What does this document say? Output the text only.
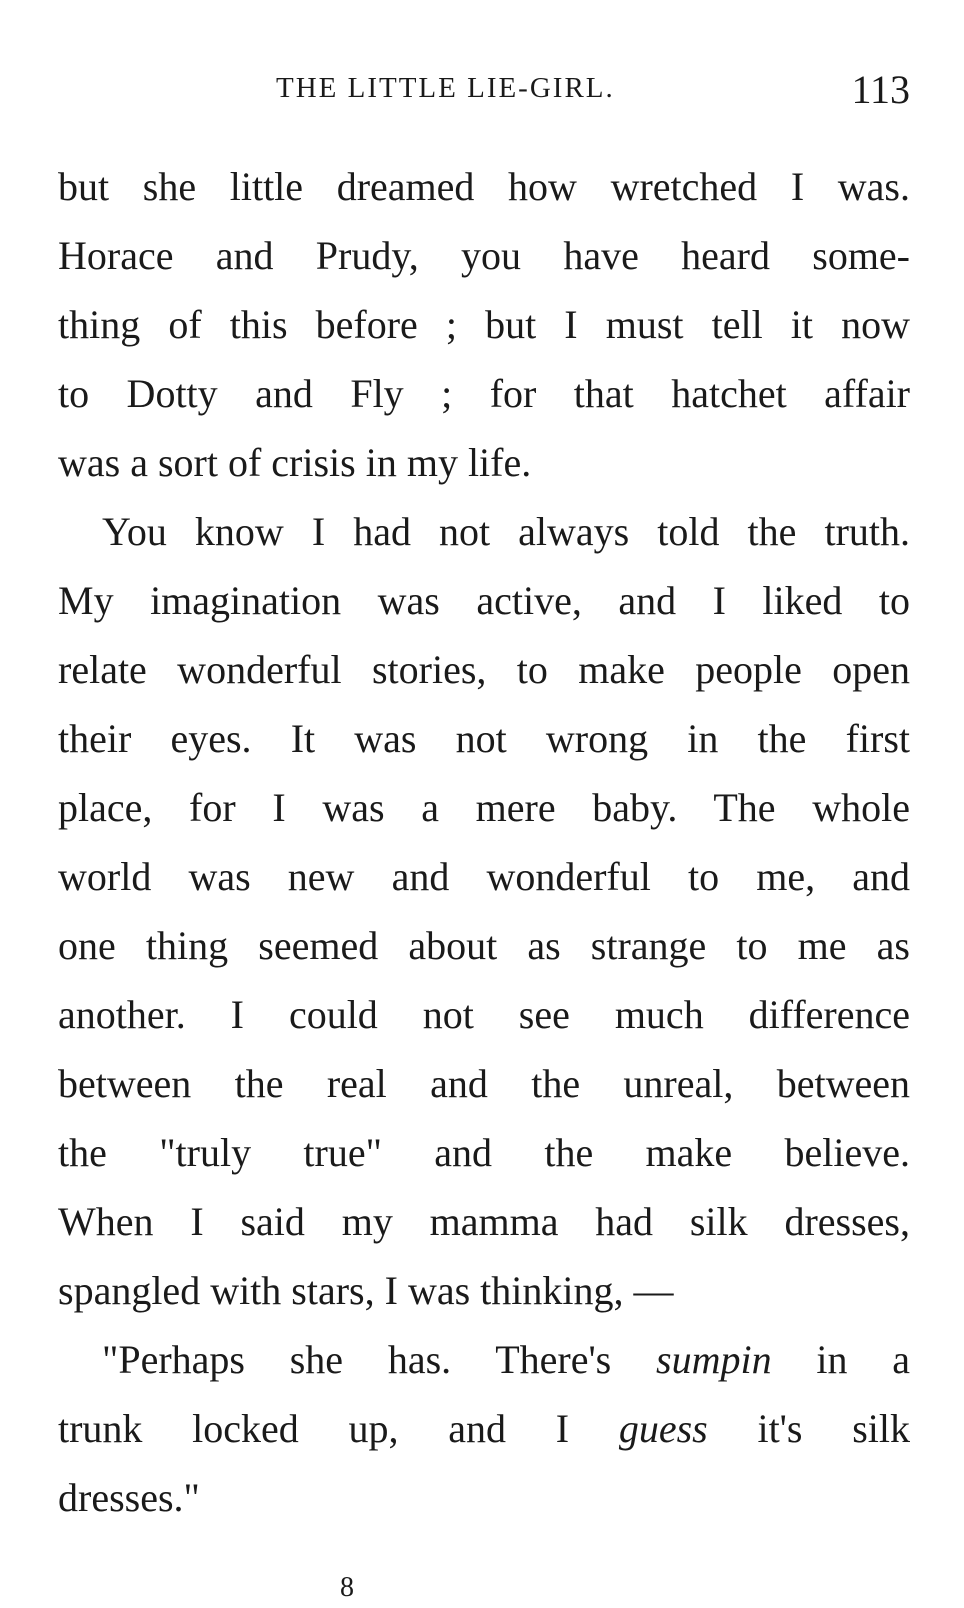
THE LITTLE LIE-GIRL.	113
but she little dreamed how wretched I was.
Horace and Prudy, you have heard some-
thing of this before ; but I must tell it now
to Dotty and Fly ; for that hatchet affair
was a sort of crisis in my life.
You know I had not always told the truth.
My imagination was active, and I liked to
relate wonderful stories, to make people open
their eyes. It was not wrong in the first
place, for I was a mere baby. The whole
world was new and wonderful to me, and
one thing seemed about as strange to me as
another. I could not see much difference
between the real and the unreal, between
the "truly true" and the make believe.
When I said my mamma had silk dresses,
spangled with stars, I was thinking, —
"Perhaps she has. There's sumpin in a
trunk locked up, and I guess it's silk
dresses."
8
